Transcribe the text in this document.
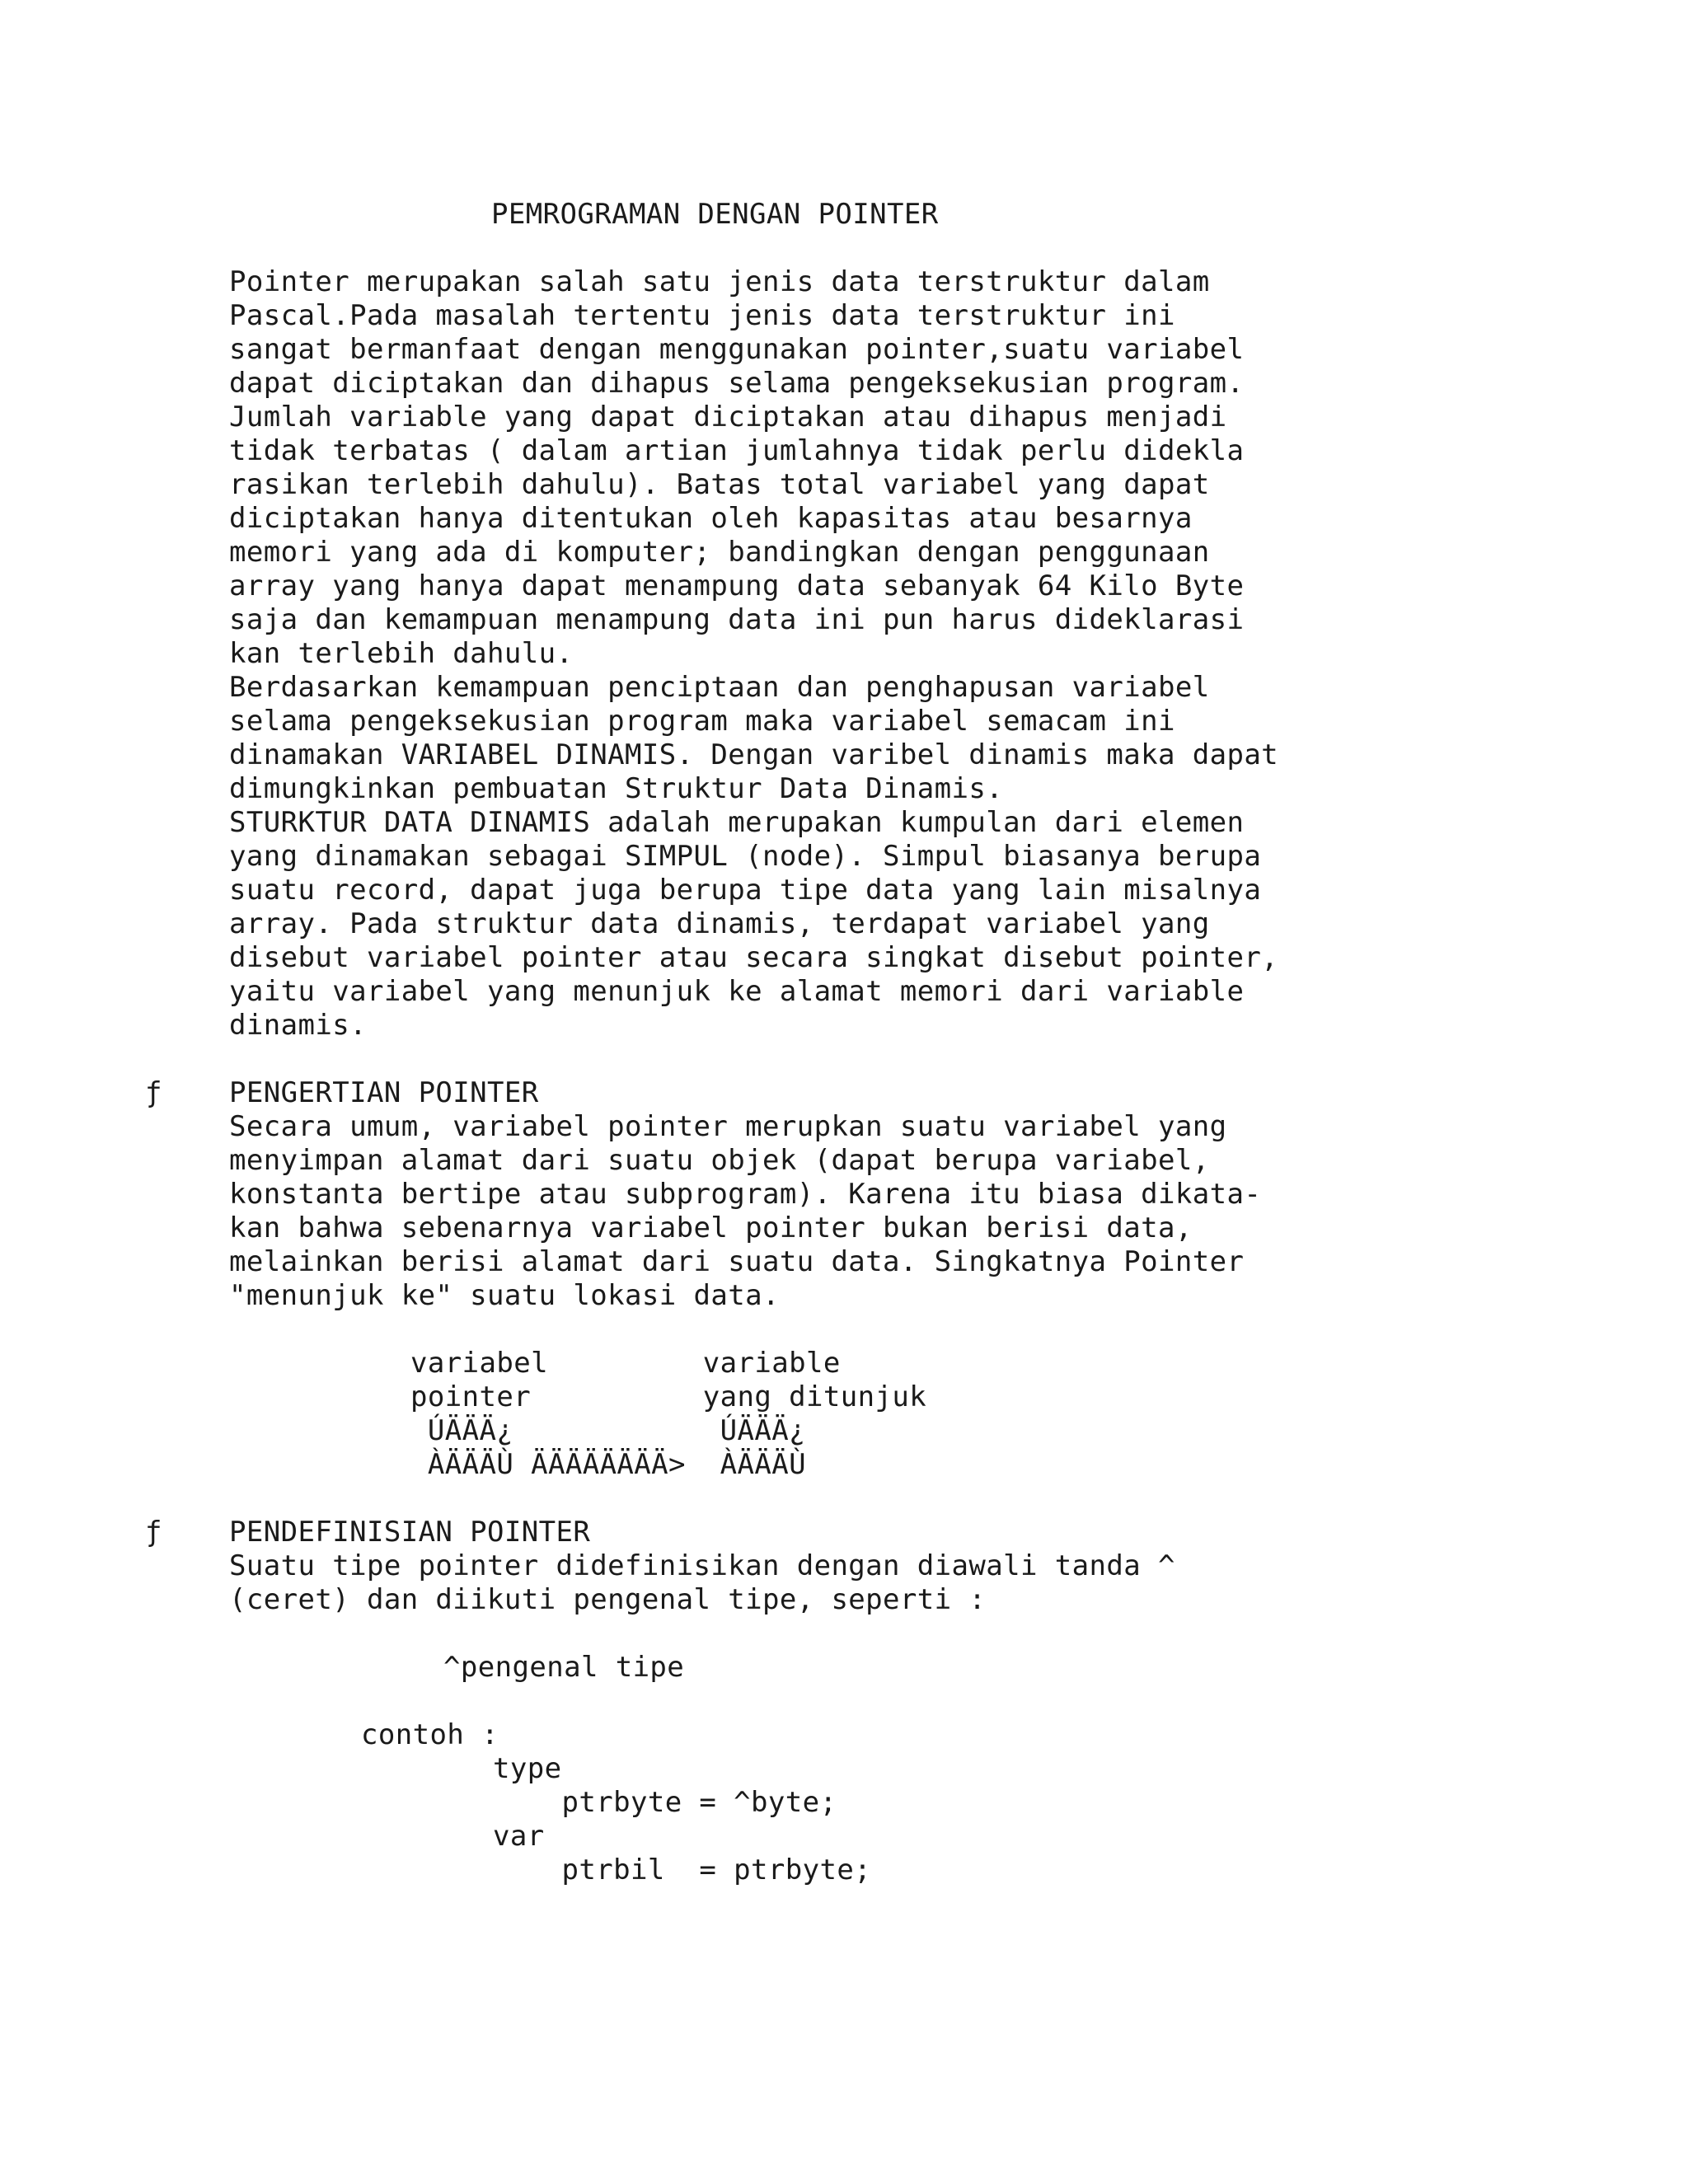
PEMROGRAMAN DENGAN POINTER
Pointer merupakan salah satu jenis data terstruktur dalam
Pascal.Pada masalah tertentu jenis data terstruktur ini
sangat bermanfaat dengan menggunakan pointer,suatu variabel
dapat diciptakan dan dihapus selama pengeksekusian program.
Jumlah variable yang dapat diciptakan atau dihapus menjadi
tidak terbatas ( dalam artian jumlahnya tidak perlu didekla
rasikan terlebih dahulu). Batas total variabel yang dapat
diciptakan hanya ditentukan oleh kapasitas atau besarnya
memori yang ada di komputer; bandingkan dengan penggunaan
array yang hanya dapat menampung data sebanyak 64 Kilo Byte
saja dan kemampuan menampung data ini pun harus dideklarasi
kan terlebih dahulu.
Berdasarkan kemampuan penciptaan dan penghapusan variabel
selama pengeksekusian program maka variabel semacam ini
dinamakan VARIABEL DINAMIS. Dengan varibel dinamis maka dapat
dimungkinkan pembuatan Struktur Data Dinamis.
STURKTUR DATA DINAMIS adalah merupakan kumpulan dari elemen
yang dinamakan sebagai SIMPUL (node). Simpul biasanya berupa
suatu record, dapat juga berupa tipe data yang lain misalnya
array. Pada struktur data dinamis, terdapat variabel yang
disebut variabel pointer atau secara singkat disebut pointer,
yaitu variabel yang menunjuk ke alamat memori dari variable
dinamis.
ƒ PENGERTIAN POINTER
Secara umum, variabel pointer merupkan suatu variabel yang
menyimpan alamat dari suatu objek (dapat berupa variabel,
konstanta bertipe atau subprogram). Karena itu biasa dikata-
kan bahwa sebenarnya variabel pointer bukan berisi data,
melainkan berisi alamat dari suatu data. Singkatnya Pointer
"menunjuk ke" suatu lokasi data.
variabel         variable
pointer          yang ditunjuk
ÚÄÄÄ¿            ÚÄÄÄ¿
ÀÄÄÄÙ ÄÄÄÄÄÄÄÄ>  ÀÄÄÄÙ
ƒ PENDEFINISIAN POINTER
Suatu tipe pointer didefinisikan dengan diawali tanda ^
(ceret) dan diikuti pengenal tipe, seperti :
^pengenal tipe
contoh :
type
ptrbyte = ^byte;
var
ptrbil  = ptrbyte;
